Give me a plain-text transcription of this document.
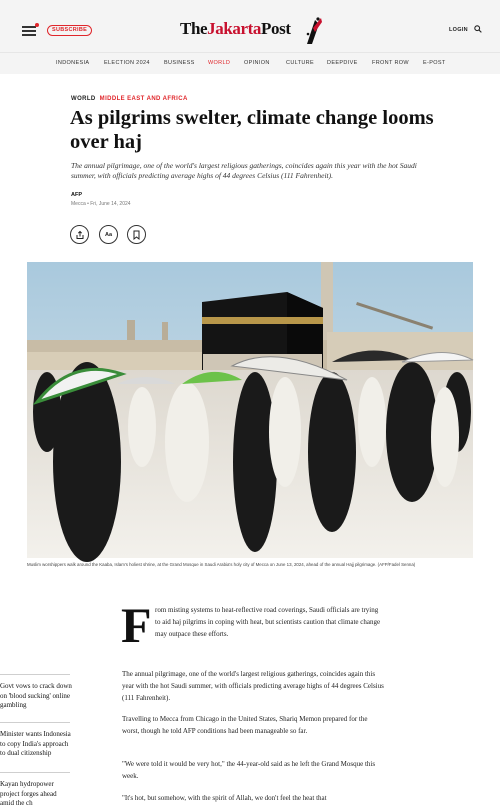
SUBSCRIBE	TheJakartaPost	LOGIN
INDONESIA	ELECTION 2024	BUSINESS WORLD	OPINION	CULTURE DEEPDIVE	FRONT ROW	E-POST
WORLD MIDDLE EAST AND AFRICA
As pilgrims swelter, climate change looms over haj

The annual pilgrimage, one of the world's largest religious gatherings, coincides again this year with the hot Saudi summer, with officials predicting average highs of 44 degrees Celsius (111 Fahrenheit).

AFP
Mecca • Fri, June 14, 2024
Aa

Muslim worshippers walk around the Kaaba, Islam's holiest shrine, at the Grand Mosque in Saudi Arabia's holy city of Mecca on June 13, 2024, ahead of the annual Hajj pilgrimage. (AFP/Fadel Senna)

F rom misting systems to heat-reflective road coverings, Saudi officials are trying to aid haj pilgrims in coping with heat, but scientists caution that climate change may outpace these efforts.

The annual pilgrimage, one of the world's largest religious gatherings, coincides again this year with the hot Saudi summer, with officials predicting average highs of 44 degrees Celsius (111 Fahrenheit).

Travelling to Mecca from Chicago in the United States, Shariq Memon prepared for the worst, though he told AFP conditions had been manageable so far.

"We were told it would be very hot," the 44-year-old said as he left the Grand Mosque this week.

"It's hot, but somehow, with the spirit of Allah, we don't feel the heat that

Govt vows to crack down on 'blood sucking' online gambling
Minister wants Indonesia to copy India's approach to dual citizenship
Kayan hydropower project forges ahead amid the ch
